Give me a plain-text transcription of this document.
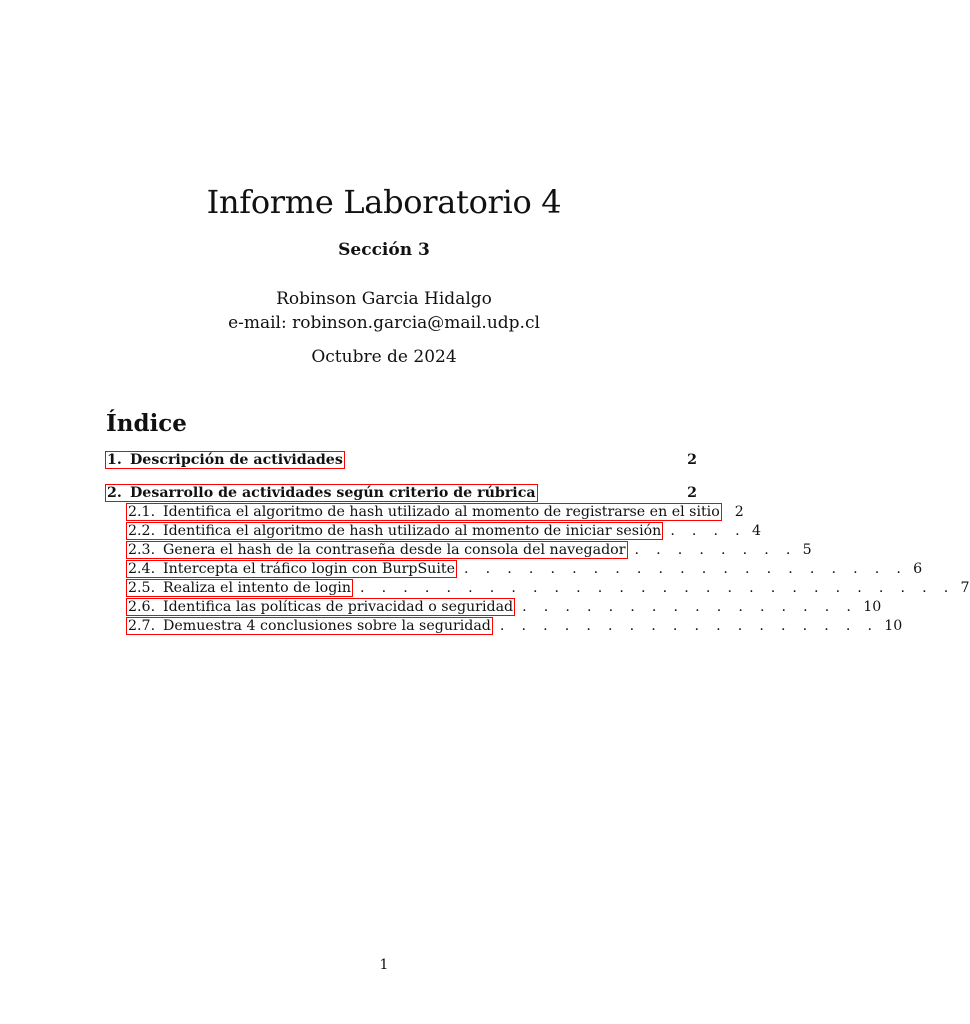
Informe Laboratorio 4
Sección 3
Robinson Garcia Hidalgo
e-mail: robinson.garcia@mail.udp.cl
Octubre de 2024
Índice
1. Descripción de actividades	2
2. Desarrollo de actividades según criterio de rúbrica	2
2.1. Identifica el algoritmo de hash utilizado al momento de registrarse en el sitio 2
2.2. Identifica el algoritmo de hash utilizado al momento de iniciar sesión . . . . 4
2.3. Genera el hash de la contraseña desde la consola del navegador . . . . . . . . 5
2.4. Intercepta el tráfico login con BurpSuite . . . . . . . . . . . . . . . . . . . . . 6
2.5. Realiza el intento de login . . . . . . . . . . . . . . . . . . . . . . . . . . . . 7
2.6. Identifica las políticas de privacidad o seguridad . . . . . . . . . . . . . . . . 10
2.7. Demuestra 4 conclusiones sobre la seguridad . . . . . . . . . . . . . . . . . . 10
1
